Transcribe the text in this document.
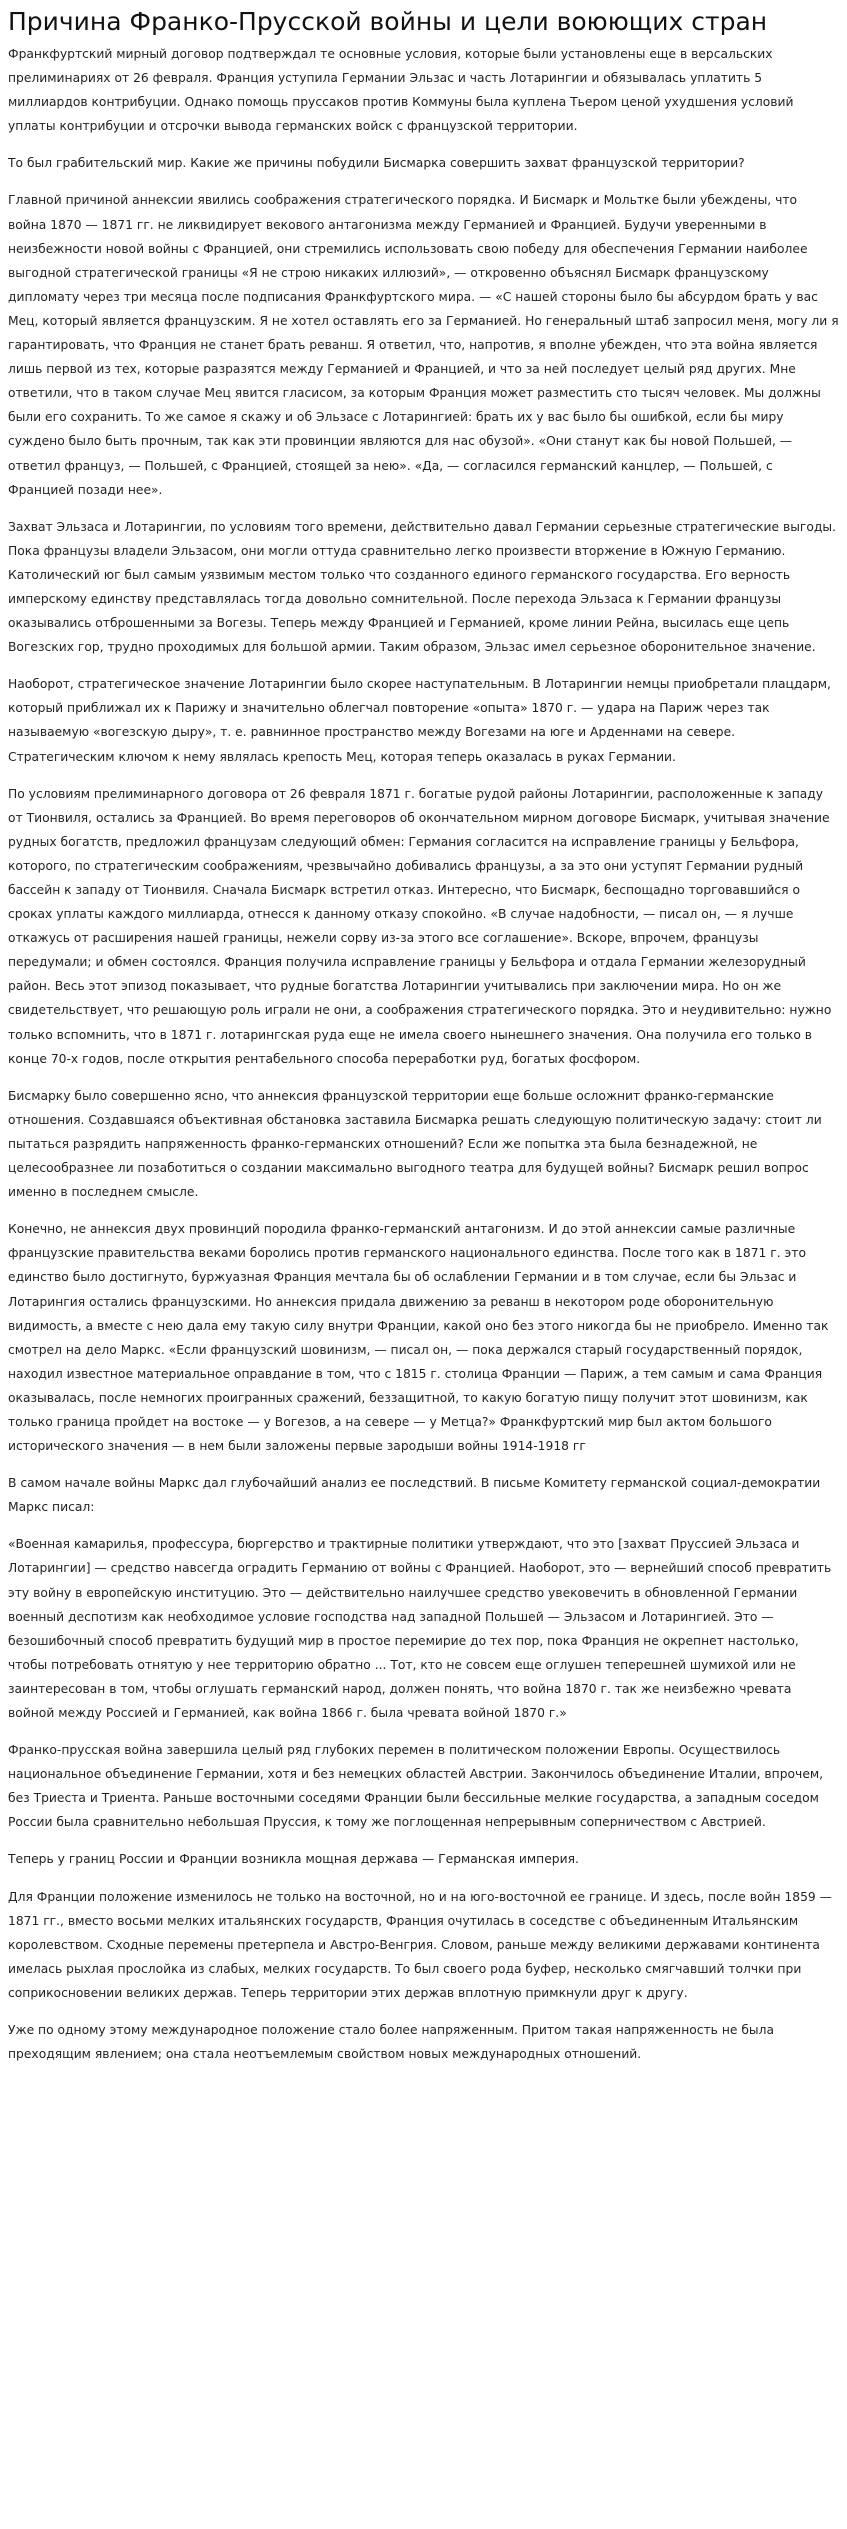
Причина Франко-Прусской войны и цели воюющих стран

Франкфуртский мирный договор подтверждал те основные условия, которые были установлены еще в версальских прелиминариях от 26 февраля. Франция уступила Германии Эльзас и часть Лотарингии и обязывалась уплатить 5 миллиардов контрибуции. Однако помощь пруссаков против Коммуны была куплена Тьером ценой ухудшения условий уплаты контрибуции и отсрочки вывода германских войск с французской территории.

То был грабительский мир. Какие же причины побудили Бисмарка совершить захват французской территории?

Главной причиной аннексии явились соображения стратегического порядка. И Бисмарк и Мольтке были убеждены, что война 1870 — 1871 гг. не ликвидирует векового антагонизма между Германией и Францией. Будучи уверенными в неизбежности новой войны с Францией, они стремились использовать свою победу для обеспечения Германии наиболее выгодной стратегической границы «Я не строю никаких иллюзий», — откровенно объяснял Бисмарк французскому дипломату через три месяца после подписания Франкфуртского мира. — «С нашей стороны было бы абсурдом брать у вас Мец, который является французским. Я не хотел оставлять его за Германией. Но генеральный штаб запросил меня, могу ли я гарантировать, что Франция не станет брать реванш. Я ответил, что, напротив, я вполне убежден, что эта война является лишь первой из тех, которые разразятся между Германией и Францией, и что за ней последует целый ряд других. Мне ответили, что в таком случае Мец явится гласисом, за которым Франция может разместить сто тысяч человек. Мы должны были его сохранить. То же самое я скажу и об Эльзасе с Лотарингией: брать их у вас было бы ошибкой, если бы миру суждено было быть прочным, так как эти провинции являются для нас обузой». «Они станут как бы новой Польшей, — ответил француз, — Польшей, с Францией, стоящей за нею». «Да, — согласился германский канцлер, — Польшей, с Францией позади нее».

Захват Эльзаса и Лотарингии, по условиям того времени, действительно давал Германии серьезные стратегические выгоды. Пока французы владели Эльзасом, они могли оттуда сравнительно легко произвести вторжение в Южную Германию. Католический юг был самым уязвимым местом только что созданного единого германского государства. Его верность имперскому единству представлялась тогда довольно сомнительной. После перехода Эльзаса к Германии французы оказывались отброшенными за Вогезы. Теперь между Францией и Германией, кроме линии Рейна, высилась еще цепь Вогезских гор, трудно проходимых для большой армии. Таким образом, Эльзас имел серьезное оборонительное значение.

Наоборот, стратегическое значение Лотарингии было скорее наступательным. В Лотарингии немцы приобретали плацдарм, который приближал их к Парижу и значительно облегчал повторение «опыта» 1870 г. — удара на Париж через так называемую «вогезскую дыру», т. е. равнинное пространство между Вогезами на юге и Арденнами на севере. Стратегическим ключом к нему являлась крепость Мец, которая теперь оказалась в руках Германии.

По условиям прелиминарного договора от 26 февраля 1871 г. богатые рудой районы Лотарингии, расположенные к западу от Тионвиля, остались за Францией. Во время переговоров об окончательном мирном договоре Бисмарк, учитывая значение рудных богатств, предложил французам следующий обмен: Германия согласится на исправление границы у Бельфора, которого, по стратегическим соображениям, чрезвычайно добивались французы, а за это они уступят Германии рудный бассейн к западу от Тионвиля. Сначала Бисмарк встретил отказ. Интересно, что Бисмарк, беспощадно торговавшийся о сроках уплаты каждого миллиарда, отнесся к данному отказу спокойно. «В случае надобности, — писал он, — я лучше откажусь от расширения нашей границы, нежели сорву из-за этого все соглашение». Вскоре, впрочем, французы передумали; и обмен состоялся. Франция получила исправление границы у Бельфора и отдала Германии железорудный район. Весь этот эпизод показывает, что рудные богатства Лотарингии учитывались при заключении мира. Но он же свидетельствует, что решающую роль играли не они, а соображения стратегического порядка. Это и неудивительно: нужно только вспомнить, что в 1871 г. лотарингская руда еще не имела своего нынешнего значения. Она получила его только в конце 70-х годов, после открытия рентабельного способа переработки руд, богатых фосфором.

Бисмарку было совершенно ясно, что аннексия французской территории еще больше осложнит франко-германские отношения. Создавшаяся объективная обстановка заставила Бисмарка решать следующую политическую задачу: стоит ли пытаться разрядить напряженность франко-германских отношений? Если же попытка эта была безнадежной, не целесообразнее ли позаботиться о создании максимально выгодного театра для будущей войны? Бисмарк решил вопрос именно в последнем смысле.

Конечно, не аннексия двух провинций породила франко-германский антагонизм. И до этой аннексии самые различные французские правительства веками боролись против германского национального единства. После того как в 1871 г. это единство было достигнуто, буржуазная Франция мечтала бы об ослаблении Германии и в том случае, если бы Эльзас и Лотарингия остались французскими. Но аннексия придала движению за реванш в некотором роде оборонительную видимость, а вместе с нею дала ему такую силу внутри Франции, какой оно без этого никогда бы не приобрело. Именно так смотрел на дело Маркс. «Если французский шовинизм, — писал он, — пока держался старый государственный порядок, находил известное материальное оправдание в том, что с 1815 г. столица Франции — Париж, а тем самым и сама Франция оказывалась, после немногих проигранных сражений, беззащитной, то какую богатую пищу получит этот шовинизм, как только граница пройдет на востоке — у Вогезов, а на севере — у Метца?» Франкфуртский мир был актом большого исторического значения — в нем были заложены первые зародыши войны 1914-1918 гг

В самом начале войны Маркс дал глубочайший анализ ее последствий. В письме Комитету германской социал-демократии Маркс писал:

«Военная камарилья, профессура, бюргерство и трактирные политики утверждают, что это [захват Пруссией Эльзаса и Лотарингии] — средство навсегда оградить Германию от войны с Францией. Наоборот, это — вернейший способ превратить эту войну в европейскую институцию. Это — действительно наилучшее средство увековечить в обновленной Германии военный деспотизм как необходимое условие господства над западной Польшей — Эльзасом и Лотарингией. Это — безошибочный способ превратить будущий мир в простое перемирие до тех пор, пока Франция не окрепнет настолько, чтобы потребовать отнятую у нее территорию обратно ... Тот, кто не совсем еще оглушен теперешней шумихой или не заинтересован в том, чтобы оглушать германский народ, должен понять, что война 1870 г. так же неизбежно чревата войной между Россией и Германией, как война 1866 г. была чревата войной 1870 г.»

Франко-прусская война завершила целый ряд глубоких перемен в политическом положении Европы. Осуществилось национальное объединение Германии, хотя и без немецких областей Австрии. Закончилось объединение Италии, впрочем, без Триеста и Триента. Раньше восточными соседями Франции были бессильные мелкие государства, а западным соседом России была сравнительно небольшая Пруссия, к тому же поглощенная непрерывным соперничеством с Австрией.

Теперь у границ России и Франции возникла мощная держава — Германская империя.

Для Франции положение изменилось не только на восточной, но и на юго-восточной ее границе. И здесь, после войн 1859 — 1871 гг., вместо восьми мелких итальянских государств, Франция очутилась в соседстве с объединенным Итальянским королевством. Сходные перемены претерпела и Австро-Венгрия. Словом, раньше между великими державами континента имелась рыхлая прослойка из слабых, мелких государств. То был своего рода буфер, несколько смягчавший толчки при соприкосновении великих держав. Теперь территории этих держав вплотную примкнули друг к другу.

Уже по одному этому международное положение стало более напряженным. Притом такая напряженность не была преходящим явлением; она стала неотъемлемым свойством новых международных отношений.
